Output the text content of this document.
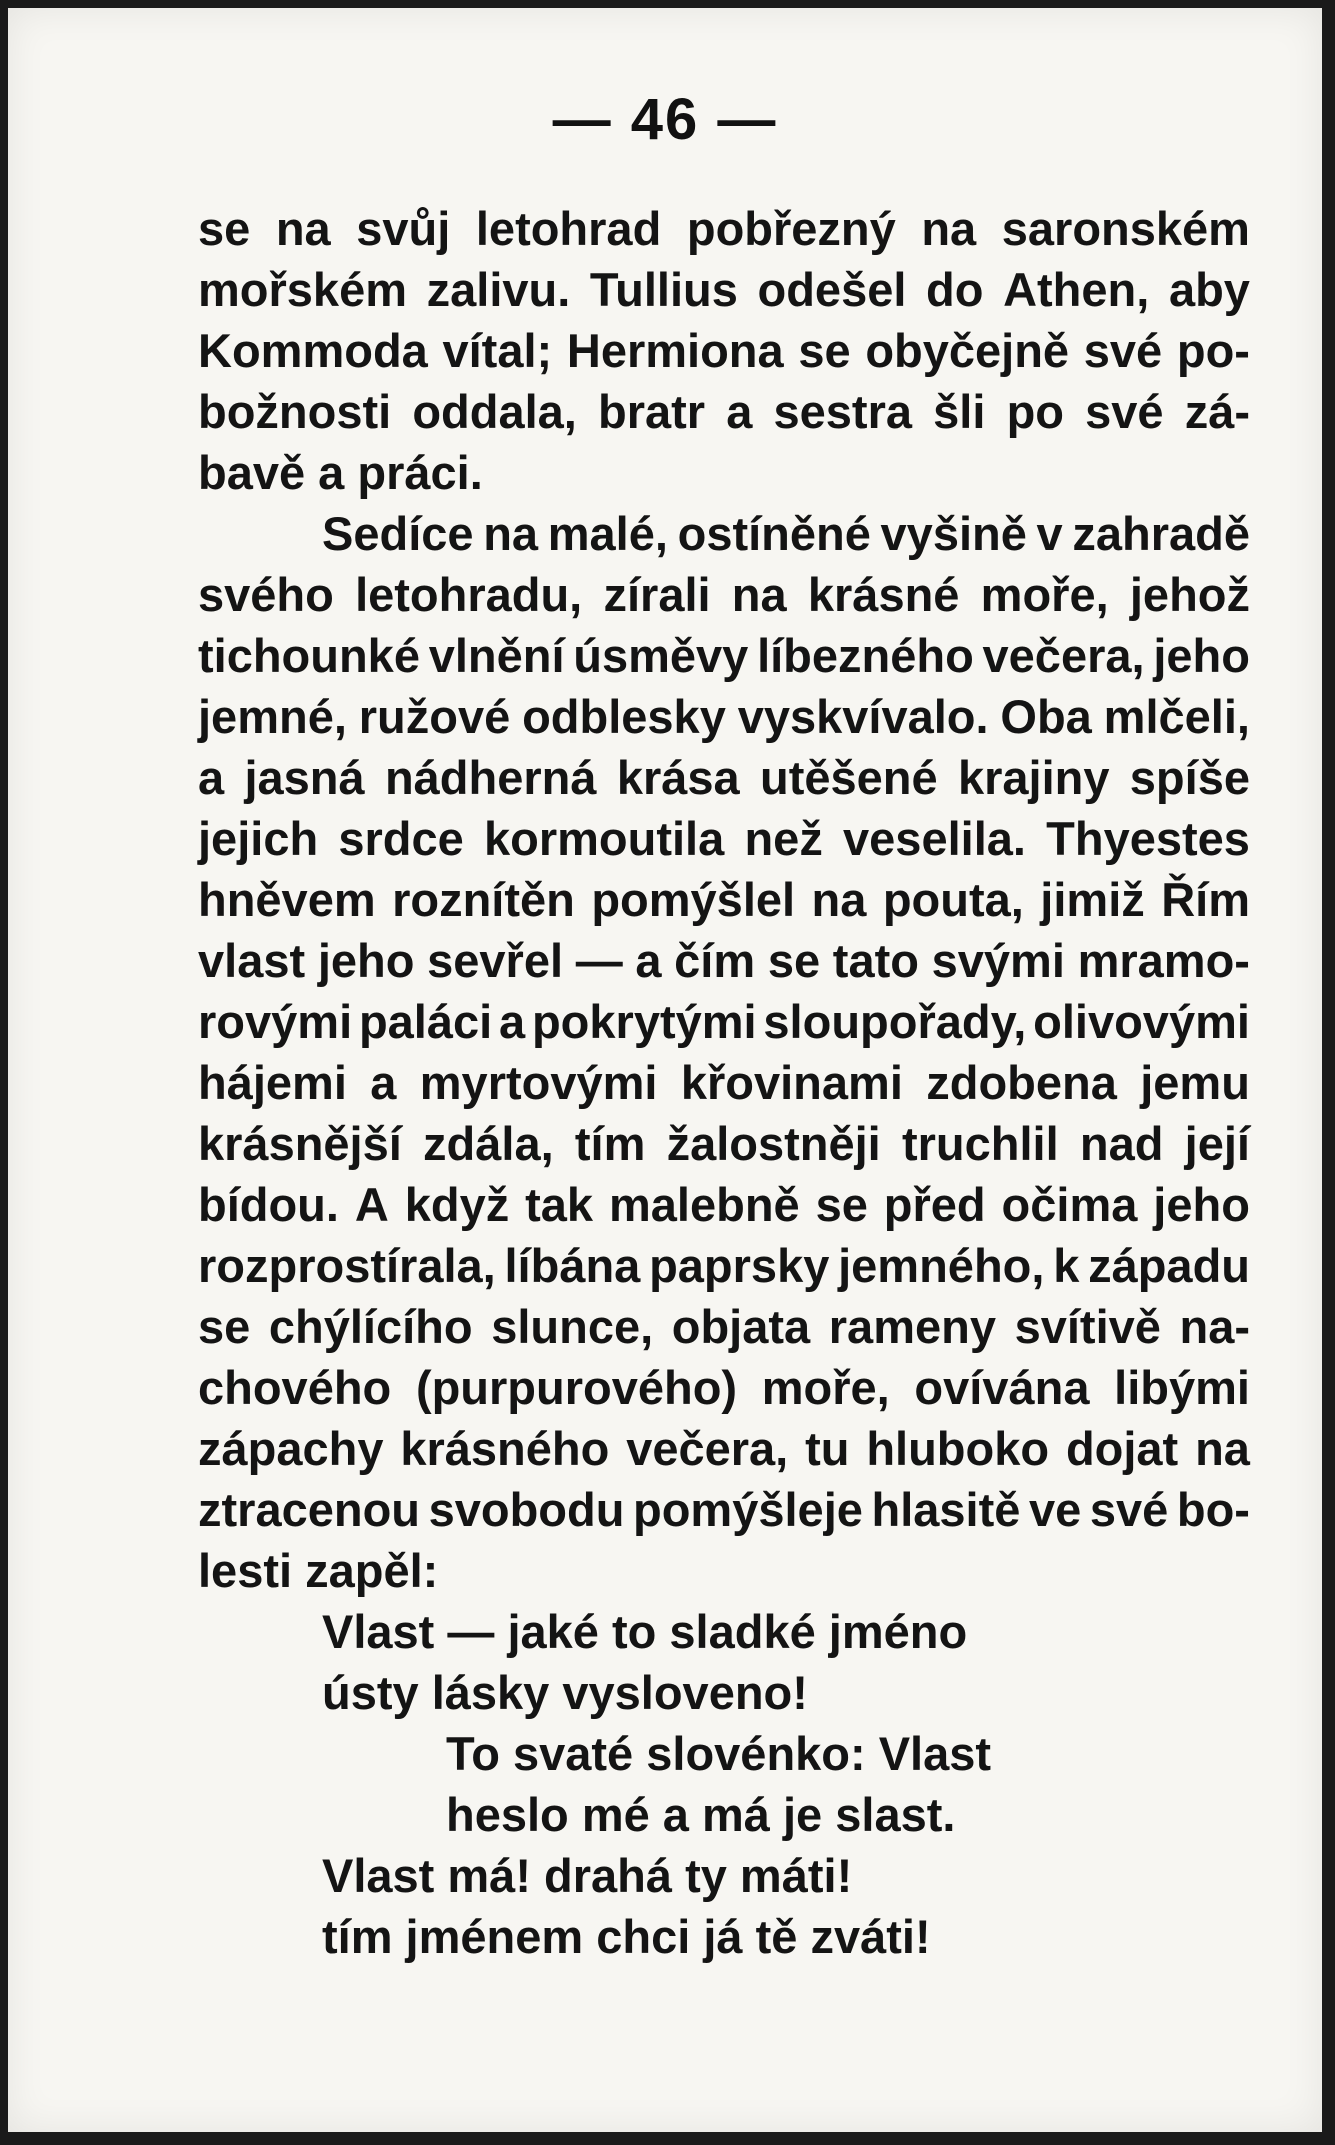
— 46 —
se na svůj letohrad pobřezný na saronském
mořském zalivu. Tullius odešel do Athen, aby
Kommoda vítal; Hermiona se obyčejně své po-
božnosti oddala, bratr a sestra šli po své zá-
bavě a práci.
Sedíce na malé, ostíněné vyšině v zahradě
svého letohradu, zírali na krásné moře, jehož
tichounké vlnění úsměvy líbezného večera, jeho
jemné, ružové odblesky vyskvívalo. Oba mlčeli,
a jasná nádherná krása utěšené krajiny spíše
jejich srdce kormoutila než veselila. Thyestes
hněvem roznítěn pomýšlel na pouta, jimiž Řím
vlast jeho sevřel — a čím se tato svými mramo-
rovými paláci a pokrytými sloupořady, olivovými
hájemi a myrtovými křovinami zdobena jemu
krásnější zdála, tím žalostněji truchlil nad její
bídou. A když tak malebně se před očima jeho
rozprostírala, líbána paprsky jemného, k západu
se chýlícího slunce, objata rameny svítivě na-
chového (purpurového) moře, ovívána libými
zápachy krásného večera, tu hluboko dojat na
ztracenou svobodu pomýšleje hlasitě ve své bo-
lesti zapěl:
Vlast — jaké to sladké jméno
ústy lásky vysloveno!
To svaté slovénko: Vlast
heslo mé a má je slast.
Vlast má! drahá ty máti!
tím jménem chci já tě zváti!
